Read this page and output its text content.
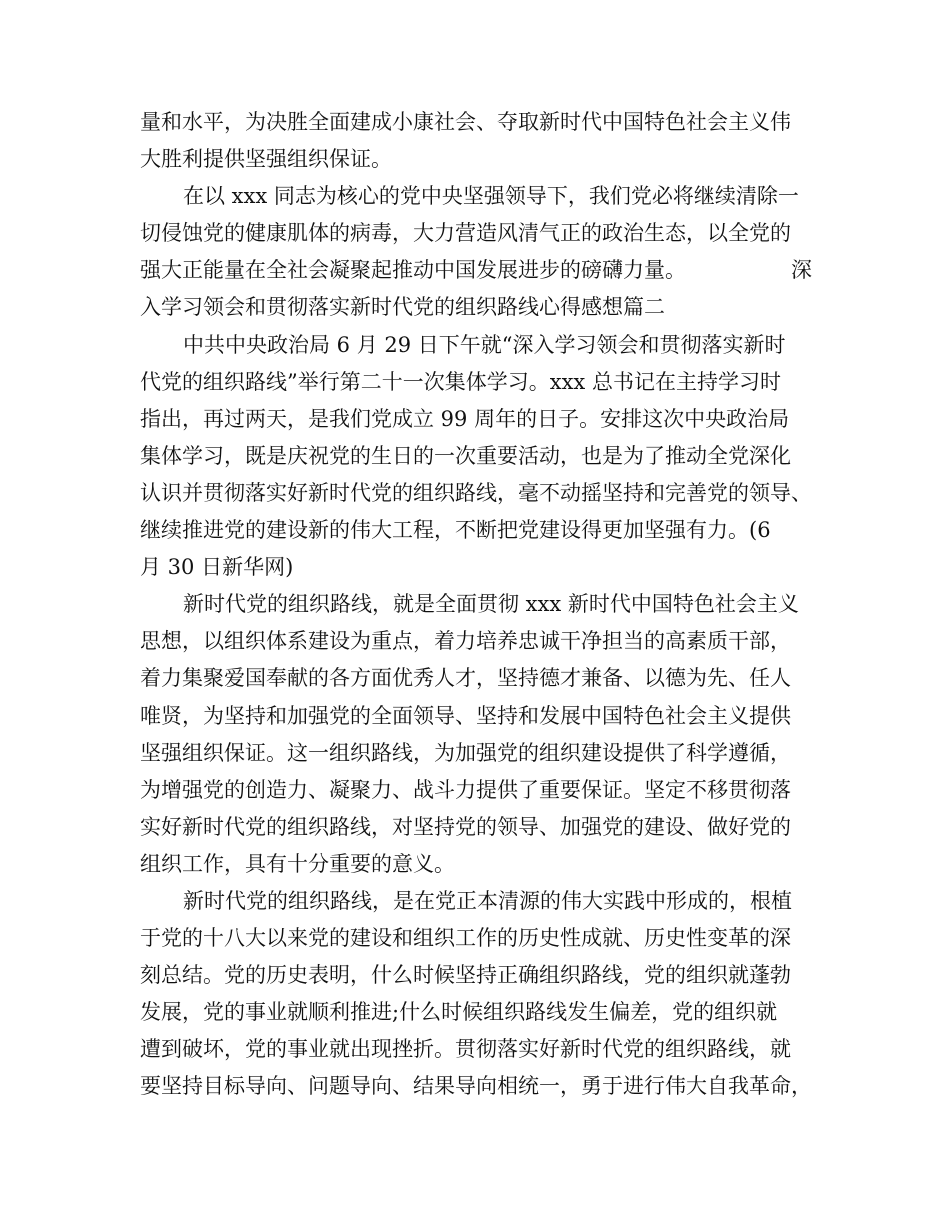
量和水平，为决胜全面建成小康社会、夺取新时代中国特色社会主义伟
大胜利提供坚强组织保证。
在以 xxx 同志为核心的党中央坚强领导下，我们党必将继续清除一
切侵蚀党的健康肌体的病毒，大力营造风清气正的政治生态，以全党的
强大正能量在全社会凝聚起推动中国发展进步的磅礴力量。	深
入学习领会和贯彻落实新时代党的组织路线心得感想篇二
中共中央政治局 6 月 29 日下午就“深入学习领会和贯彻落实新时
代党的组织路线”举行第二十一次集体学习。xxx 总书记在主持学习时
指出，再过两天，是我们党成立 99 周年的日子。安排这次中央政治局
集体学习，既是庆祝党的生日的一次重要活动，也是为了推动全党深化
认识并贯彻落实好新时代党的组织路线，毫不动摇坚持和完善党的领导、
继续推进党的建设新的伟大工程，不断把党建设得更加坚强有力。(6
月 30 日新华网)
新时代党的组织路线，就是全面贯彻 xxx 新时代中国特色社会主义
思想，以组织体系建设为重点，着力培养忠诚干净担当的高素质干部，
着力集聚爱国奉献的各方面优秀人才，坚持德才兼备、以德为先、任人
唯贤，为坚持和加强党的全面领导、坚持和发展中国特色社会主义提供
坚强组织保证。这一组织路线，为加强党的组织建设提供了科学遵循，
为增强党的创造力、凝聚力、战斗力提供了重要保证。坚定不移贯彻落
实好新时代党的组织路线，对坚持党的领导、加强党的建设、做好党的
组织工作，具有十分重要的意义。
新时代党的组织路线，是在党正本清源的伟大实践中形成的，根植
于党的十八大以来党的建设和组织工作的历史性成就、历史性变革的深
刻总结。党的历史表明，什么时候坚持正确组织路线，党的组织就蓬勃
发展，党的事业就顺利推进;什么时候组织路线发生偏差，党的组织就
遭到破坏，党的事业就出现挫折。贯彻落实好新时代党的组织路线，就
要坚持目标导向、问题导向、结果导向相统一，勇于进行伟大自我革命，
